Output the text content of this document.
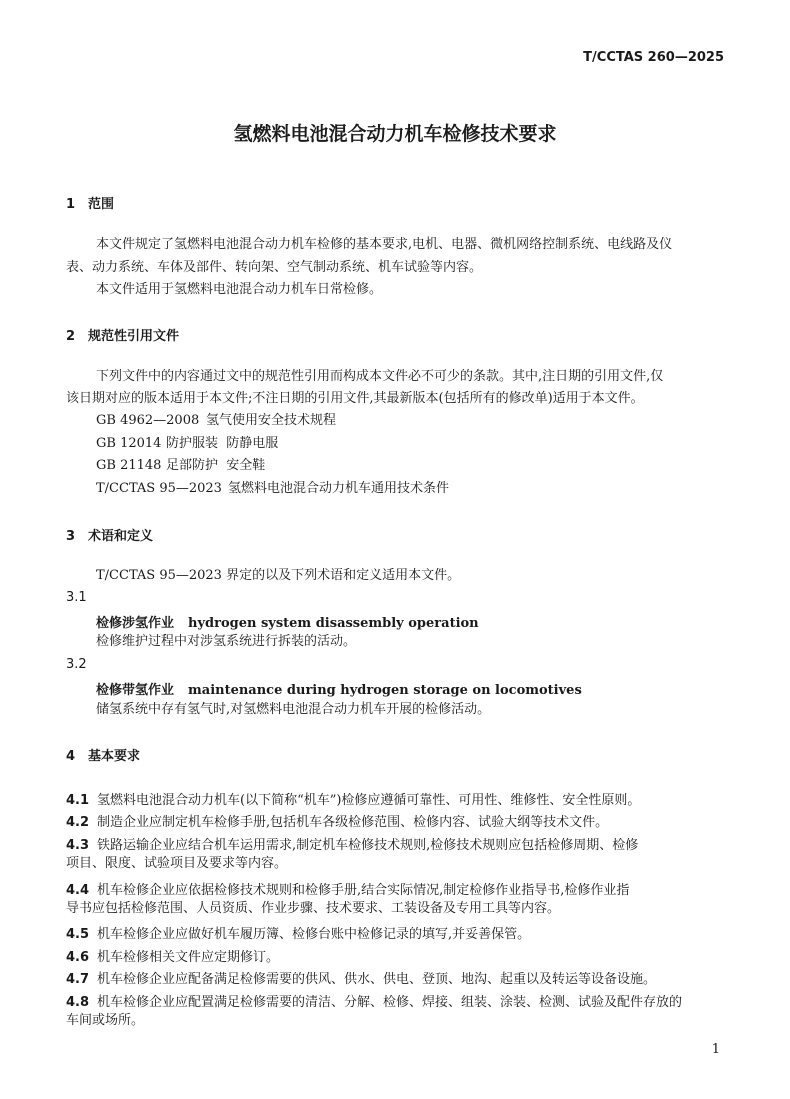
T/CCTAS 260—2025
氢燃料电池混合动力机车检修技术要求
1 范围
本文件规定了氢燃料电池混合动力机车检修的基本要求,电机、电器、微机网络控制系统、电线路及仪
表、动力系统、车体及部件、转向架、空气制动系统、机车试验等内容。
本文件适用于氢燃料电池混合动力机车日常检修。
2 规范性引用文件
下列文件中的内容通过文中的规范性引用而构成本文件必不可少的条款。其中,注日期的引用文件,仅
该日期对应的版本适用于本文件;不注日期的引用文件,其最新版本(包括所有的修改单)适用于本文件。
GB 4962—2008 氢气使用安全技术规程
GB 12014 防护服装  防静电服
GB 21148 足部防护  安全鞋
T/CCTAS 95—2023 氢燃料电池混合动力机车通用技术条件
3 术语和定义
T/CCTAS 95—2023 界定的以及下列术语和定义适用本文件。
3.1
检修涉氢作业 hydrogen system disassembly operation
检修维护过程中对涉氢系统进行拆装的活动。
3.2
检修带氢作业 maintenance during hydrogen storage on locomotives
储氢系统中存有氢气时,对氢燃料电池混合动力机车开展的检修活动。
4 基本要求
4.1 氢燃料电池混合动力机车(以下简称“机车”)检修应遵循可靠性、可用性、维修性、安全性原则。
4.2 制造企业应制定机车检修手册,包括机车各级检修范围、检修内容、试验大纲等技术文件。
4.3 铁路运输企业应结合机车运用需求,制定机车检修技术规则,检修技术规则应包括检修周期、检修
项目、限度、试验项目及要求等内容。
4.4 机车检修企业应依据检修技术规则和检修手册,结合实际情况,制定检修作业指导书,检修作业指
导书应包括检修范围、人员资质、作业步骤、技术要求、工装设备及专用工具等内容。
4.5 机车检修企业应做好机车履历簿、检修台账中检修记录的填写,并妥善保管。
4.6 机车检修相关文件应定期修订。
4.7 机车检修企业应配备满足检修需要的供风、供水、供电、登顶、地沟、起重以及转运等设备设施。
4.8 机车检修企业应配置满足检修需要的清洁、分解、检修、焊接、组装、涂装、检测、试验及配件存放的
车间或场所。
1
